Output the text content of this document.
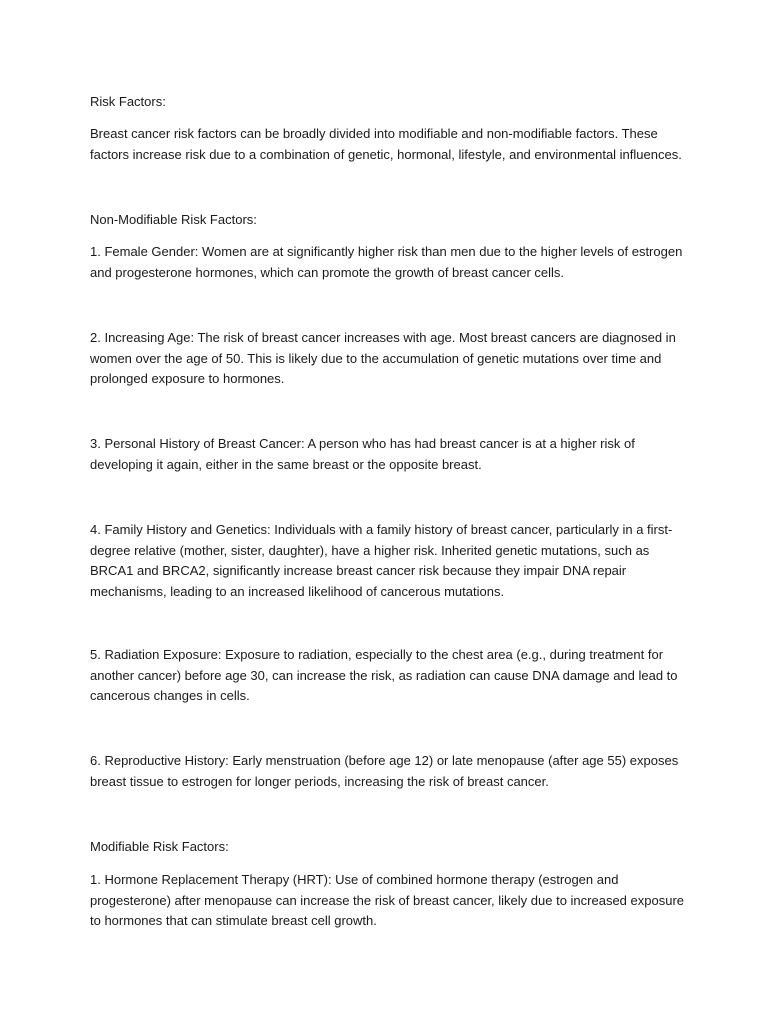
Risk Factors:

Breast cancer risk factors can be broadly divided into modifiable and non-modifiable factors. These factors increase risk due to a combination of genetic, hormonal, lifestyle, and environmental influences.

Non-Modifiable Risk Factors:

1. Female Gender: Women are at significantly higher risk than men due to the higher levels of estrogen and progesterone hormones, which can promote the growth of breast cancer cells.

2. Increasing Age: The risk of breast cancer increases with age. Most breast cancers are diagnosed in women over the age of 50. This is likely due to the accumulation of genetic mutations over time and prolonged exposure to hormones.

3. Personal History of Breast Cancer: A person who has had breast cancer is at a higher risk of developing it again, either in the same breast or the opposite breast.

4. Family History and Genetics: Individuals with a family history of breast cancer, particularly in a first-degree relative (mother, sister, daughter), have a higher risk. Inherited genetic mutations, such as BRCA1 and BRCA2, significantly increase breast cancer risk because they impair DNA repair mechanisms, leading to an increased likelihood of cancerous mutations.

5. Radiation Exposure: Exposure to radiation, especially to the chest area (e.g., during treatment for another cancer) before age 30, can increase the risk, as radiation can cause DNA damage and lead to cancerous changes in cells.

6. Reproductive History: Early menstruation (before age 12) or late menopause (after age 55) exposes breast tissue to estrogen for longer periods, increasing the risk of breast cancer.

Modifiable Risk Factors:

1. Hormone Replacement Therapy (HRT): Use of combined hormone therapy (estrogen and progesterone) after menopause can increase the risk of breast cancer, likely due to increased exposure to hormones that can stimulate breast cell growth.
